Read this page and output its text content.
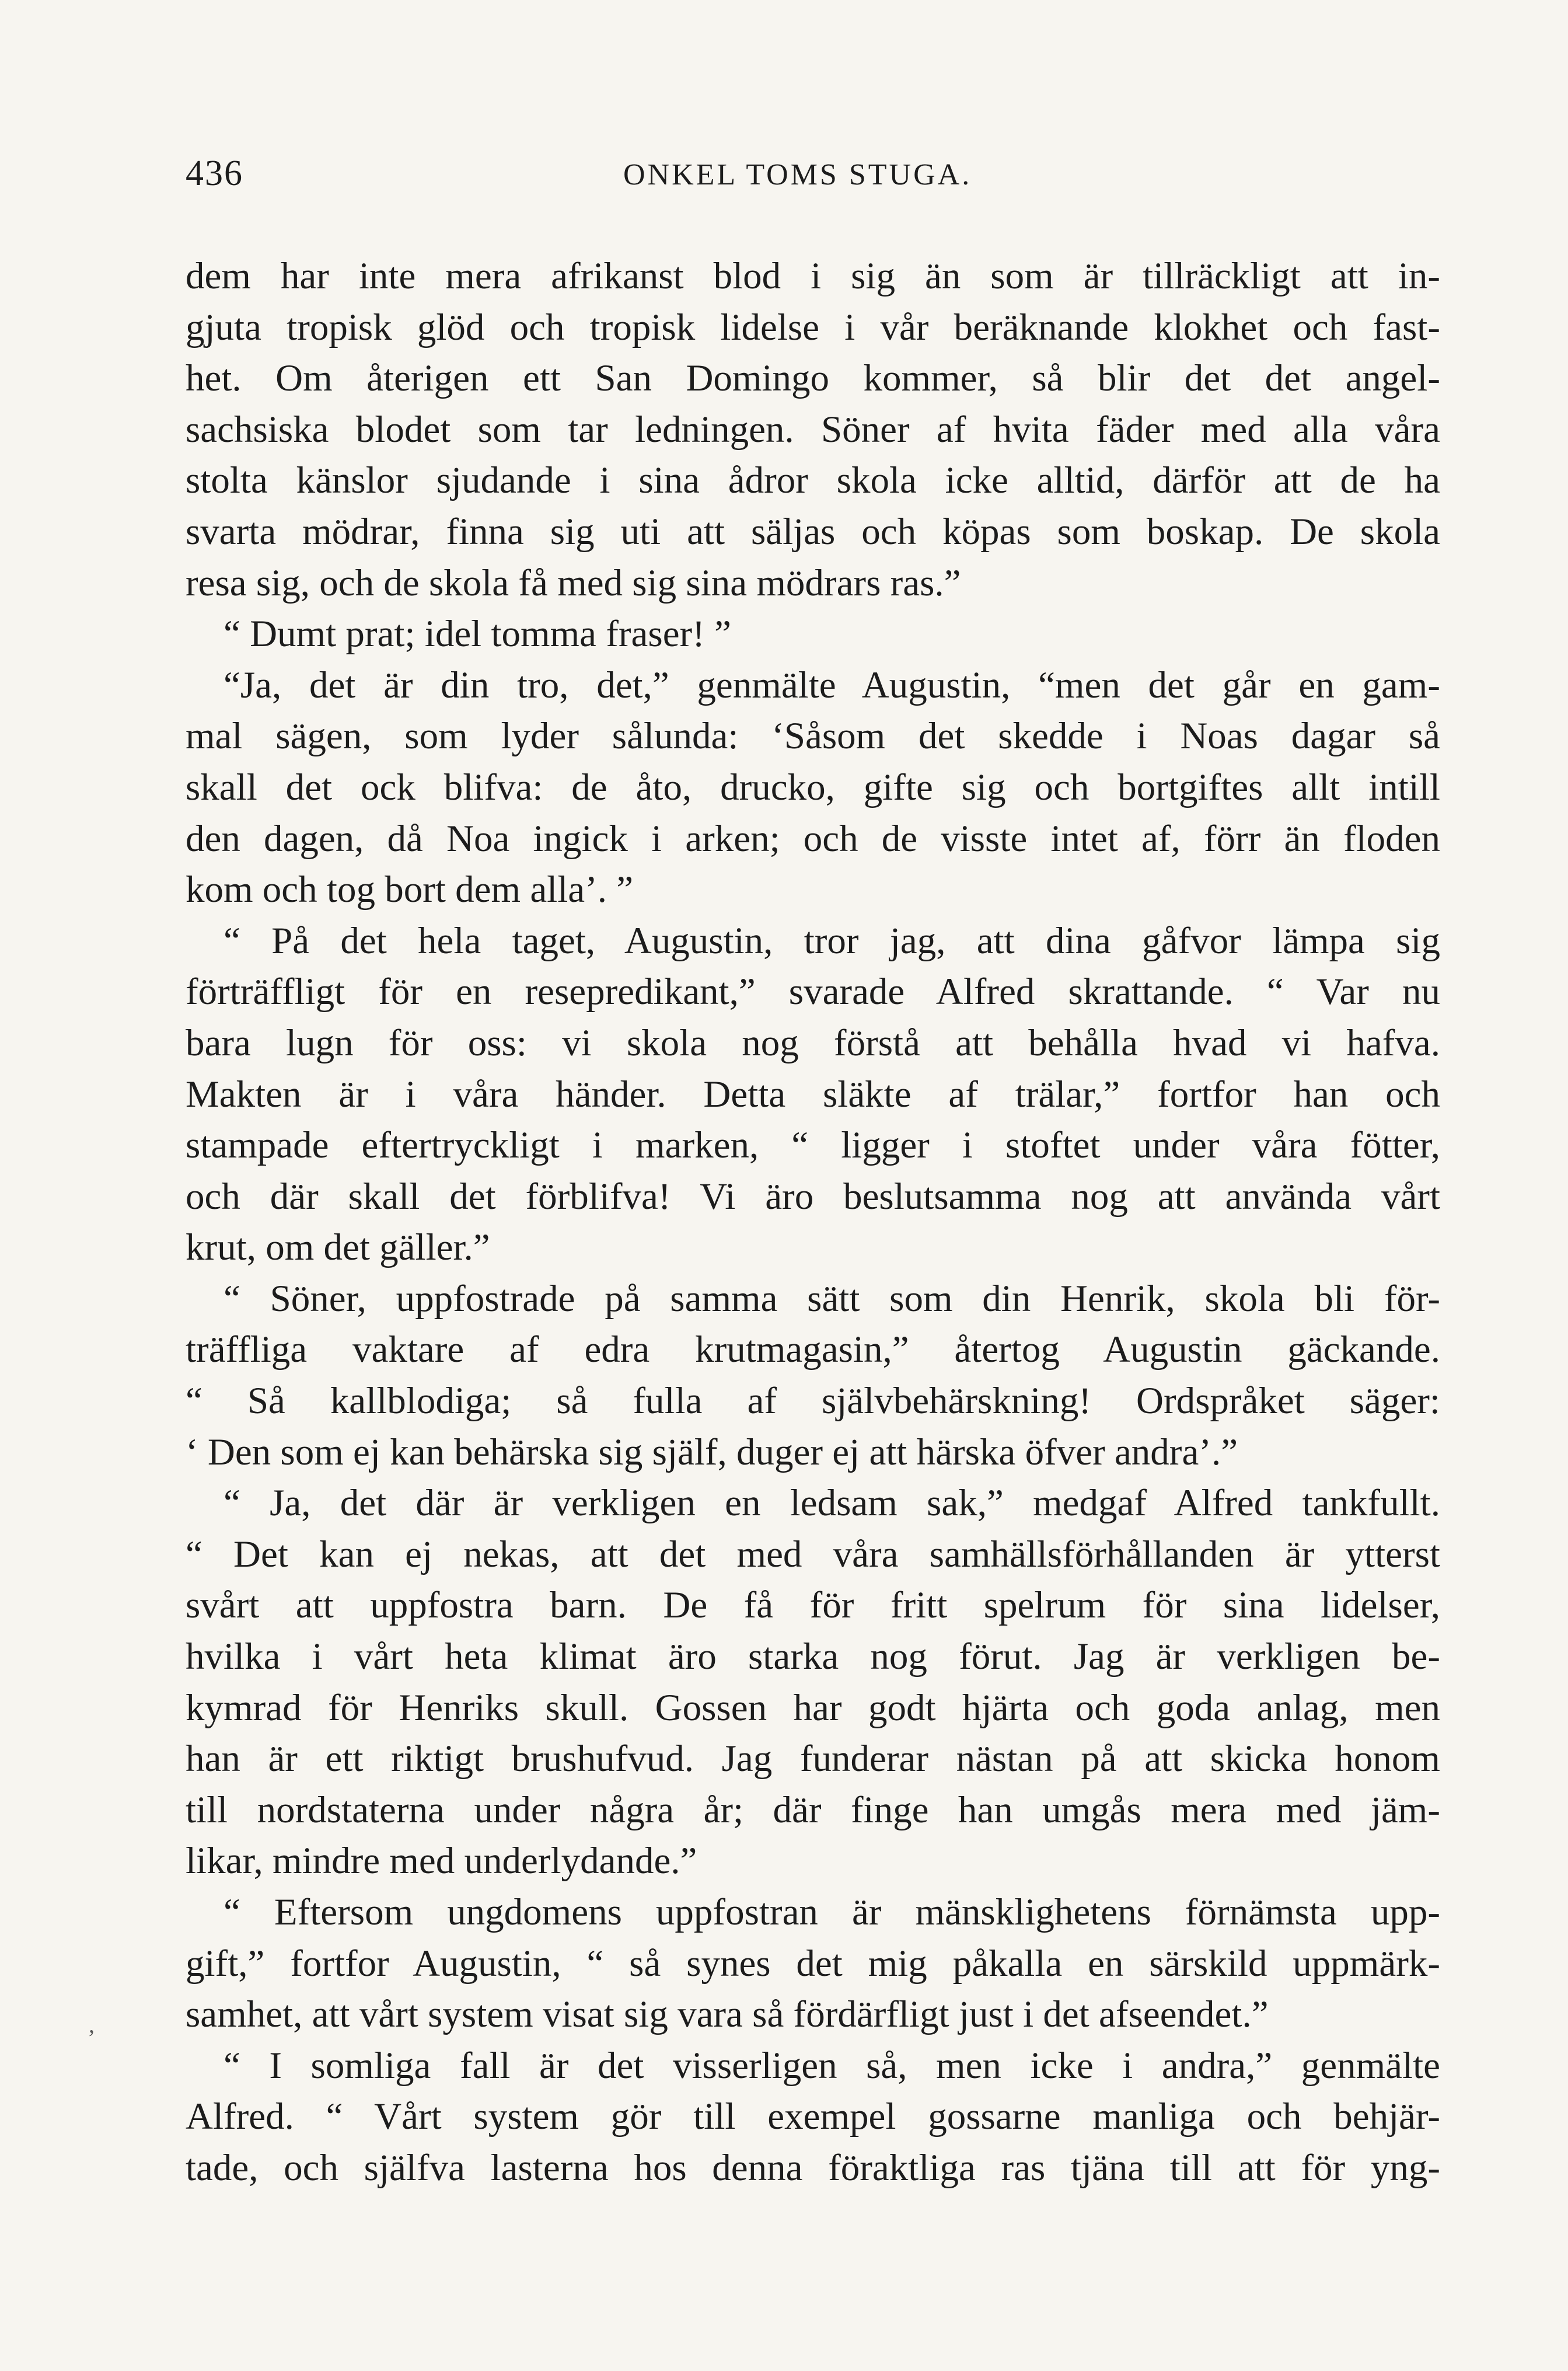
436	ONKEL TOMS STUGA.
dem har inte mera afrikanst blod i sig än som är tillräckligt att in-
gjuta tropisk glöd och tropisk lidelse i vår beräknande klokhet och fast-
het. Om återigen ett San Domingo kommer, så blir det det angel-
sachsiska blodet som tar ledningen. Söner af hvita fäder med alla våra
stolta känslor sjudande i sina ådror skola icke alltid, därför att de ha
svarta mödrar, finna sig uti att säljas och köpas som boskap. De skola
resa sig, och de skola få med sig sina mödrars ras.”
“ Dumt prat; idel tomma fraser! ”
“Ja, det är din tro, det,” genmälte Augustin, “men det går en gam-
mal sägen, som lyder sålunda: ‘Såsom det skedde i Noas dagar så
skall det ock blifva: de åto, drucko, gifte sig och bortgiftes allt intill
den dagen, då Noa ingick i arken; och de visste intet af, förr än floden
kom och tog bort dem alla’. ”
“ På det hela taget, Augustin, tror jag, att dina gåfvor lämpa sig
förträffligt för en resepredikant,” svarade Alfred skrattande. “ Var nu
bara lugn för oss: vi skola nog förstå att behålla hvad vi hafva.
Makten är i våra händer. Detta släkte af trälar,” fortfor han och
stampade eftertryckligt i marken, “ ligger i stoftet under våra fötter,
och där skall det förblifva! Vi äro beslutsamma nog att använda vårt
krut, om det gäller.”
“ Söner, uppfostrade på samma sätt som din Henrik, skola bli för-
träffliga vaktare af edra krutmagasin,” återtog Augustin gäckande.
“ Så kallblodiga; så fulla af självbehärskning! Ordspråket säger:
‘ Den som ej kan behärska sig själf, duger ej att härska öfver andra’.”
“ Ja, det där är verkligen en ledsam sak,” medgaf Alfred tankfullt.
“ Det kan ej nekas, att det med våra samhällsförhållanden är ytterst
svårt att uppfostra barn. De få för fritt spelrum för sina lidelser,
hvilka i vårt heta klimat äro starka nog förut. Jag är verkligen be-
kymrad för Henriks skull. Gossen har godt hjärta och goda anlag, men
han är ett riktigt brushufvud. Jag funderar nästan på att skicka honom
till nordstaterna under några år; där finge han umgås mera med jäm-
likar, mindre med underlydande.”
“ Eftersom ungdomens uppfostran är mänsklighetens förnämsta upp-
gift,” fortfor Augustin, “ så synes det mig påkalla en särskild uppmärk-
samhet, att vårt system visat sig vara så fördärfligt just i det afseendet.”
“ I somliga fall är det visserligen så, men icke i andra,” genmälte
Alfred. “ Vårt system gör till exempel gossarne manliga och behjär-
tade, och själfva lasterna hos denna föraktliga ras tjäna till att för yng-
,
